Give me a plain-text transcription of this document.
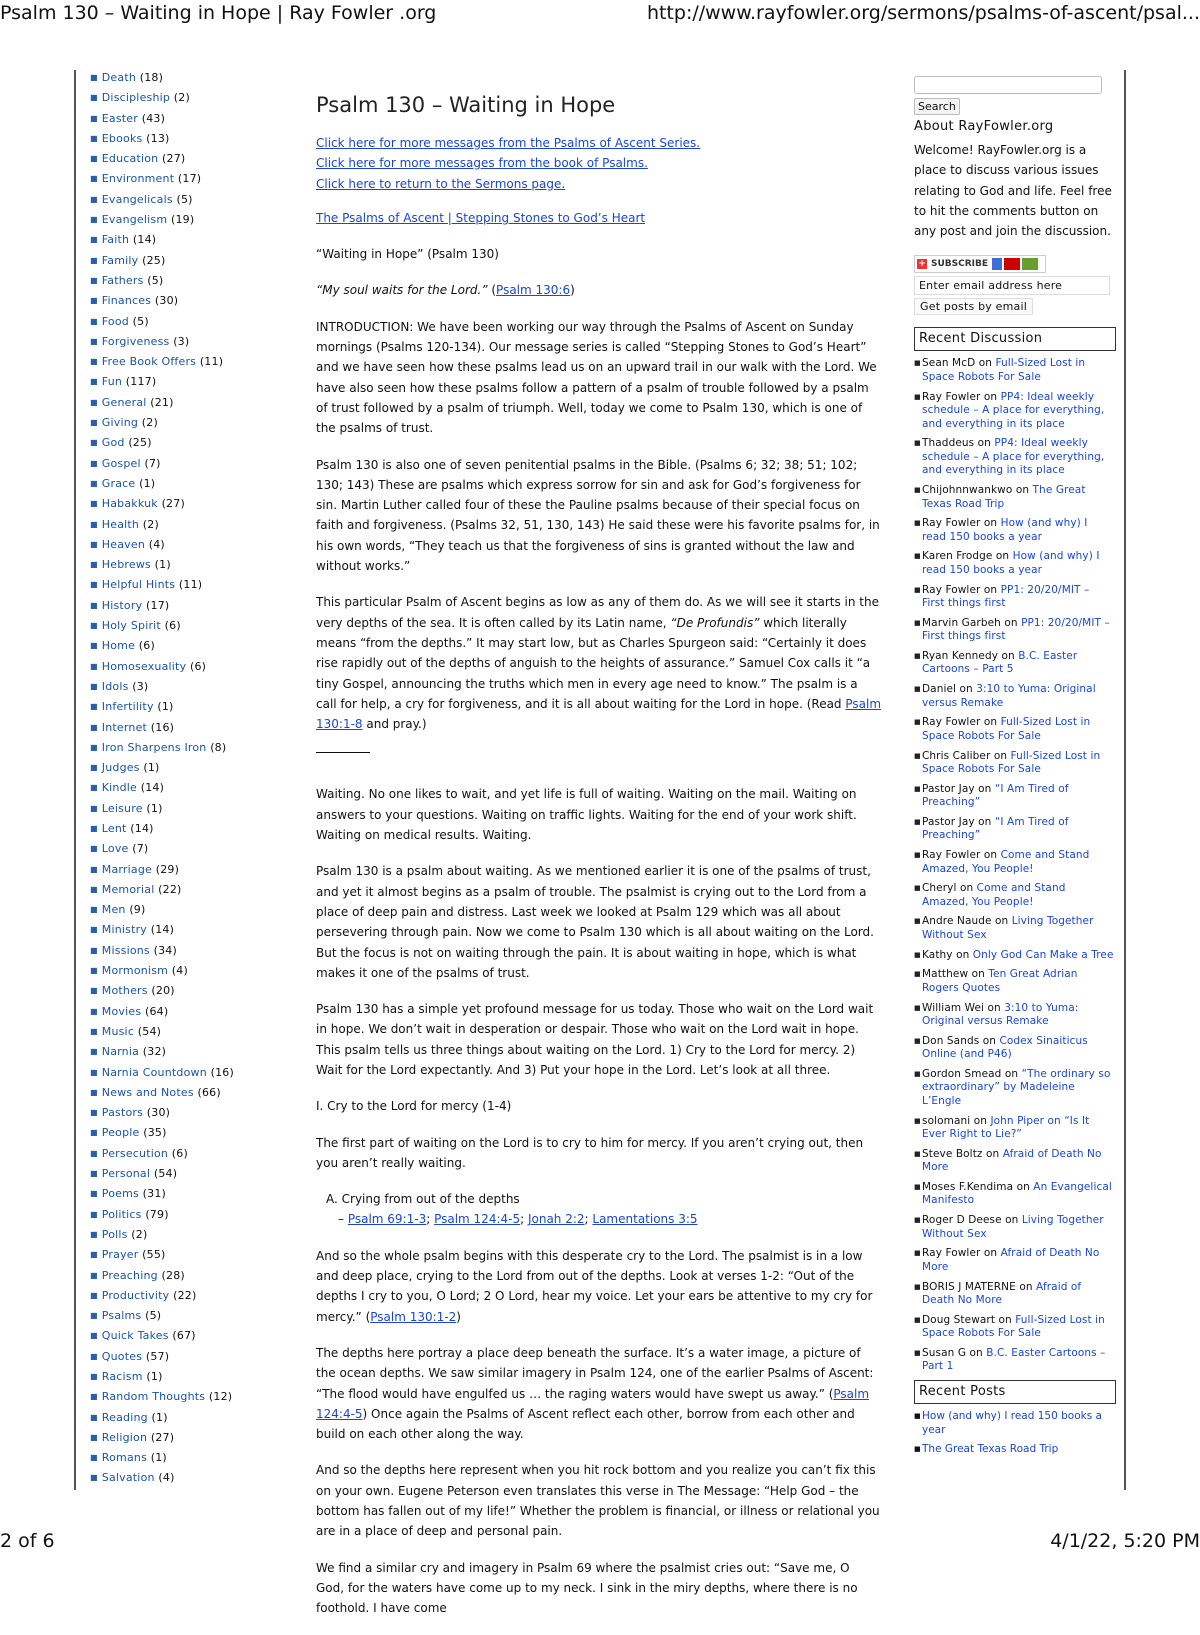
Psalm 130 – Waiting in Hope | Ray Fowler .org	http://www.rayfowler.org/sermons/psalms-of-ascent/psal...
■ Death (18)
■ Discipleship (2)
■ Easter (43)
■ Ebooks (13)
■ Education (27)
■ Environment (17)
■ Evangelicals (5)
■ Evangelism (19)
■ Faith (14)
■ Family (25)
■ Fathers (5)
■ Finances (30)
■ Food (5)
■ Forgiveness (3)
■ Free Book Offers (11)
■ Fun (117)
■ General (21)
■ Giving (2)
■ God (25)
■ Gospel (7)
■ Grace (1)
■ Habakkuk (27)
■ Health (2)
■ Heaven (4)
■ Hebrews (1)
■ Helpful Hints (11)
■ History (17)
■ Holy Spirit (6)
■ Home (6)
■ Homosexuality (6)
■ Idols (3)
■ Infertility (1)
■ Internet (16)
■ Iron Sharpens Iron (8)
■ Judges (1)
■ Kindle (14)
■ Leisure (1)
■ Lent (14)
■ Love (7)
■ Marriage (29)
■ Memorial (22)
■ Men (9)
■ Ministry (14)
■ Missions (34)
■ Mormonism (4)
■ Mothers (20)
■ Movies (64)
■ Music (54)
■ Narnia (32)
■ Narnia Countdown (16)
■ News and Notes (66)
■ Pastors (30)
■ People (35)
■ Persecution (6)
■ Personal (54)
■ Poems (31)
■ Politics (79)
■ Polls (2)
■ Prayer (55)
■ Preaching (28)
■ Productivity (22)
■ Psalms (5)
■ Quick Takes (67)
■ Quotes (57)
■ Racism (1)
■ Random Thoughts (12)
■ Reading (1)
■ Religion (27)
■ Romans (1)
■ Salvation (4)
Psalm 130 – Waiting in Hope
Click here for more messages from the Psalms of Ascent Series.
Click here for more messages from the book of Psalms.
Click here to return to the Sermons page.

The Psalms of Ascent | Stepping Stones to God’s Heart

“Waiting in Hope” (Psalm 130)

“My soul waits for the Lord.” (Psalm 130:6)

INTRODUCTION: We have been working our way through the Psalms of Ascent on Sunday mornings (Psalms 120-134). Our message series is called “Stepping Stones to God’s Heart” and we have seen how these psalms lead us on an upward trail in our walk with the Lord. We have also seen how these psalms follow a pattern of a psalm of trouble followed by a psalm of trust followed by a psalm of triumph. Well, today we come to Psalm 130, which is one of the psalms of trust.

Psalm 130 is also one of seven penitential psalms in the Bible. (Psalms 6; 32; 38; 51; 102; 130; 143) These are psalms which express sorrow for sin and ask for God’s forgiveness for sin. Martin Luther called four of these the Pauline psalms because of their special focus on faith and forgiveness. (Psalms 32, 51, 130, 143) He said these were his favorite psalms for, in his own words, “They teach us that the forgiveness of sins is granted without the law and without works.”

This particular Psalm of Ascent begins as low as any of them do. As we will see it starts in the very depths of the sea. It is often called by its Latin name, “De Profundis” which literally means “from the depths.” It may start low, but as Charles Spurgeon said: “Certainly it does rise rapidly out of the depths of anguish to the heights of assurance.” Samuel Cox calls it “a tiny Gospel, announcing the truths which men in every age need to know.” The psalm is a call for help, a cry for forgiveness, and it is all about waiting for the Lord in hope. (Read Psalm 130:1-8 and pray.)

Waiting. No one likes to wait, and yet life is full of waiting. Waiting on the mail. Waiting on answers to your questions. Waiting on traffic lights. Waiting for the end of your work shift. Waiting on medical results. Waiting.

Psalm 130 is a psalm about waiting. As we mentioned earlier it is one of the psalms of trust, and yet it almost begins as a psalm of trouble. The psalmist is crying out to the Lord from a place of deep pain and distress. Last week we looked at Psalm 129 which was all about persevering through pain. Now we come to Psalm 130 which is all about waiting on the Lord. But the focus is not on waiting through the pain. It is about waiting in hope, which is what makes it one of the psalms of trust.

Psalm 130 has a simple yet profound message for us today. Those who wait on the Lord wait in hope. We don’t wait in desperation or despair. Those who wait on the Lord wait in hope. This psalm tells us three things about waiting on the Lord. 1) Cry to the Lord for mercy. 2) Wait for the Lord expectantly. And 3) Put your hope in the Lord. Let’s look at all three.

I. Cry to the Lord for mercy (1-4)

The first part of waiting on the Lord is to cry to him for mercy. If you aren’t crying out, then you aren’t really waiting.

A. Crying from out of the depths
– Psalm 69:1-3; Psalm 124:4-5; Jonah 2:2; Lamentations 3:5

And so the whole psalm begins with this desperate cry to the Lord. The psalmist is in a low and deep place, crying to the Lord from out of the depths. Look at verses 1-2: “Out of the depths I cry to you, O Lord; 2 O Lord, hear my voice. Let your ears be attentive to my cry for mercy.” (Psalm 130:1-2)

The depths here portray a place deep beneath the surface. It’s a water image, a picture of the ocean depths. We saw similar imagery in Psalm 124, one of the earlier Psalms of Ascent: “The flood would have engulfed us … the raging waters would have swept us away.” (Psalm 124:4-5) Once again the Psalms of Ascent reflect each other, borrow from each other and build on each other along the way.

And so the depths here represent when you hit rock bottom and you realize you can’t fix this on your own. Eugene Peterson even translates this verse in The Message: “Help God – the bottom has fallen out of my life!” Whether the problem is financial, or illness or relational you are in a place of deep and personal pain.

We find a similar cry and imagery in Psalm 69 where the psalmist cries out: “Save me, O God, for the waters have come up to my neck. I sink in the miry depths, where there is no foothold. I have come

Search
About RayFowler.org
Welcome! RayFowler.org is a place to discuss various issues relating to God and life. Feel free to hit the comments button on any post and join the discussion.
+ SUBSCRIBE
Enter email address here
Get posts by email
Recent Discussion
■ Sean McD on Full-Sized Lost in Space Robots For Sale
■ Ray Fowler on PP4: Ideal weekly schedule – A place for everything, and everything in its place
■ Thaddeus on PP4: Ideal weekly schedule – A place for everything, and everything in its place
■ Chijohnnwankwo on The Great Texas Road Trip
■ Ray Fowler on How (and why) I read 150 books a year
■ Karen Frodge on How (and why) I read 150 books a year
■ Ray Fowler on PP1: 20/20/MIT – First things first
■ Marvin Garbeh on PP1: 20/20/MIT – First things first
■ Ryan Kennedy on B.C. Easter Cartoons – Part 5
■ Daniel on 3:10 to Yuma: Original versus Remake
■ Ray Fowler on Full-Sized Lost in Space Robots For Sale
■ Chris Caliber on Full-Sized Lost in Space Robots For Sale
■ Pastor Jay on “I Am Tired of Preaching”
■ Pastor Jay on “I Am Tired of Preaching”
■ Ray Fowler on Come and Stand Amazed, You People!
■ Cheryl on Come and Stand Amazed, You People!
■ Andre Naude on Living Together Without Sex
■ Kathy on Only God Can Make a Tree
■ Matthew on Ten Great Adrian Rogers Quotes
■ William Wei on 3:10 to Yuma: Original versus Remake
■ Don Sands on Codex Sinaiticus Online (and P46)
■ Gordon Smead on “The ordinary so extraordinary” by Madeleine L’Engle
■ solomani on John Piper on “Is It Ever Right to Lie?”
■ Steve Boltz on Afraid of Death No More
■ Moses F.Kendima on An Evangelical Manifesto
■ Roger D Deese on Living Together Without Sex
■ Ray Fowler on Afraid of Death No More
■ BORIS J MATERNE on Afraid of Death No More
■ Doug Stewart on Full-Sized Lost in Space Robots For Sale
■ Susan G on B.C. Easter Cartoons – Part 1
Recent Posts
■ How (and why) I read 150 books a year
■ The Great Texas Road Trip
2 of 6	4/1/22, 5:20 PM
